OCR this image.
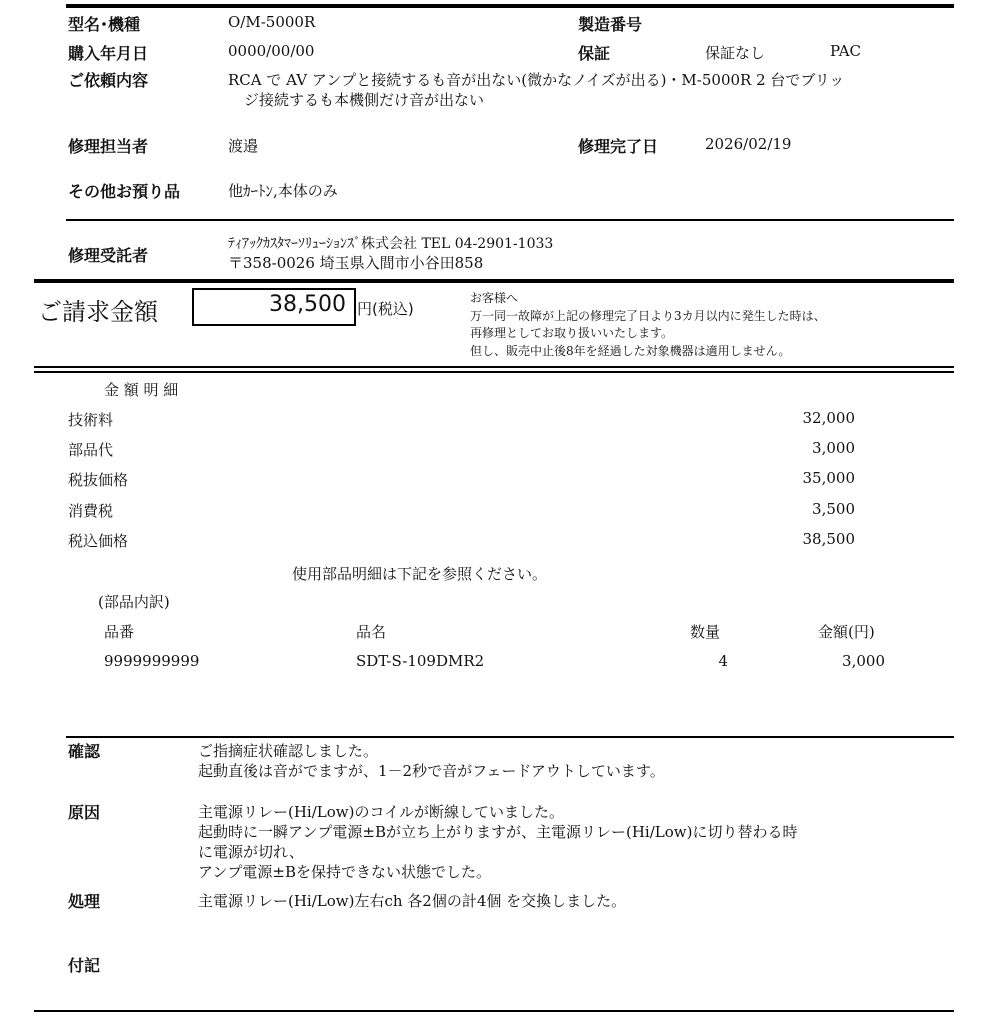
型名･機種	O/M-5000R	製造番号
購入年月日	0000/00/00	保証	保証なし	PAC
ご依頼内容	RCA で AV アンプと接続するも音が出ない(微かなノイズが出る)・M-5000R 2 台でブリッ
ジ接続するも本機側だけ音が出ない
修理担当者	渡邉	修理完了日	2026/02/19
その他お預り品	他ｶｰﾄﾝ,本体のみ
修理受託者
ﾃｨｱｯｸｶｽﾀﾏｰｿﾘｭｰｼｮﾝｽﾞ株式会社 TEL 04-2901-1033
〒358-0026 埼玉県入間市小谷田858
ご請求金額	38,500 円(税込)
お客様へ
万一同一故障が上記の修理完了日より3カ月以内に発生した時は、
再修理としてお取り扱いいたします。
但し、販売中止後8年を経過した対象機器は適用しません。
金 額 明 細
技術料	32,000
部品代	3,000
税抜価格	35,000
消費税	3,500
税込価格	38,500
使用部品明細は下記を参照ください。
(部品内訳)
品番	品名	数量	金額(円)
9999999999	SDT-S-109DMR2	4	3,000
確認	ご指摘症状確認しました。
起動直後は音がでますが、1－2秒で音がフェードアウトしています。
原因	主電源リレー(Hi/Low)のコイルが断線していました。
起動時に一瞬アンプ電源±Bが立ち上がりますが、主電源リレー(Hi/Low)に切り替わる時
に電源が切れ、
アンプ電源±Bを保持できない状態でした。
処理	主電源リレー(Hi/Low)左右ch 各2個の計4個 を交換しました。
付記
